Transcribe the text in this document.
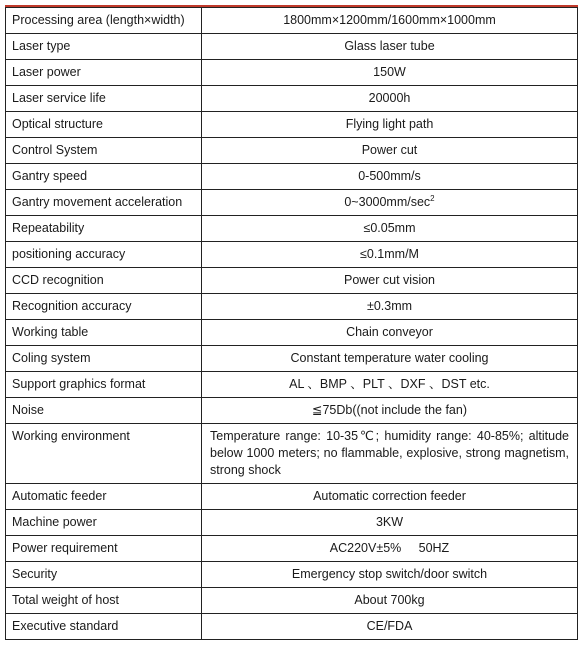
Processing area (length×width)	1800mm×1200mm/1600mm×1000mm
Laser type	Glass laser tube
Laser power	150W
Laser service life	20000h
Optical structure	Flying light path
Control System	Power cut
Gantry speed	0-500mm/s
Gantry movement acceleration	$0\sim 3000mm/\sec^2$
Repeatability	≤0.05mm
positioning accuracy	≤0.1mm/M
CCD recognition	Power cut vision
Recognition accuracy	±0.3mm
Working table	Chain conveyor
Coling system	Constant temperature water cooling
Support graphics format	AL 、BMP 、PLT 、DXF 、DST etc.
Noise	≦75Db((not include the fan)
Working environment	Temperature range: 10-35℃; humidity range: 40-85%; altitude below 1000 meters; no flammable, explosive, strong magnetism, strong shock
Automatic feeder	Automatic correction feeder
Machine power	3KW
Power requirement	AC220V±5%     50HZ
Security	Emergency stop switch/door switch
Total weight of host	About 700kg
Executive standard	CE/FDA
